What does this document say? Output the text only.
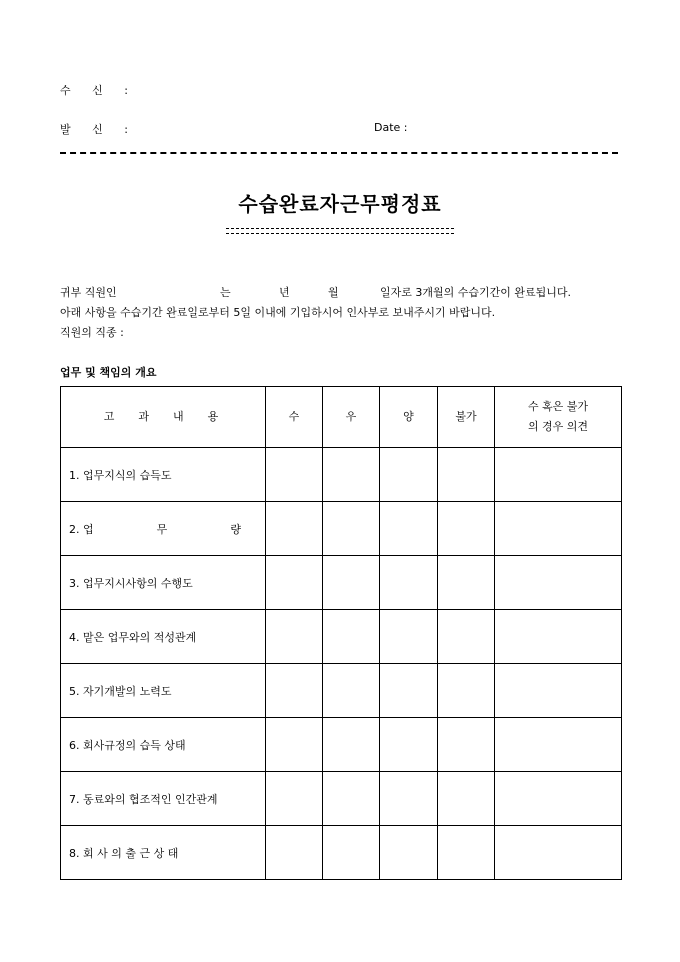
수 신 :
발 신 :	Date :
수습완료자근무평정표
귀부 직원인	는	년	월	일자로 3개월의 수습기간이 완료됩니다.
아래 사항을 수습기간 완료일로부터 5일 이내에 기입하시어 인사부로 보내주시기 바랍니다.
직원의 직종 :
업무 및 책임의 개요
고과내용	수	우	양	불가	수 혹은 불가
의 경우 의견

1. 업무지식의 습득도					

2. 업 무 량					

3. 업무지시사항의 수행도					
4. 맡은 업무와의 적성관계					
5. 자기개발의 노력도					
6. 회사규정의 습득 상태					
7. 동료와의 협조적인 인간관계					
8. 회 사 의 출 근 상 태					
